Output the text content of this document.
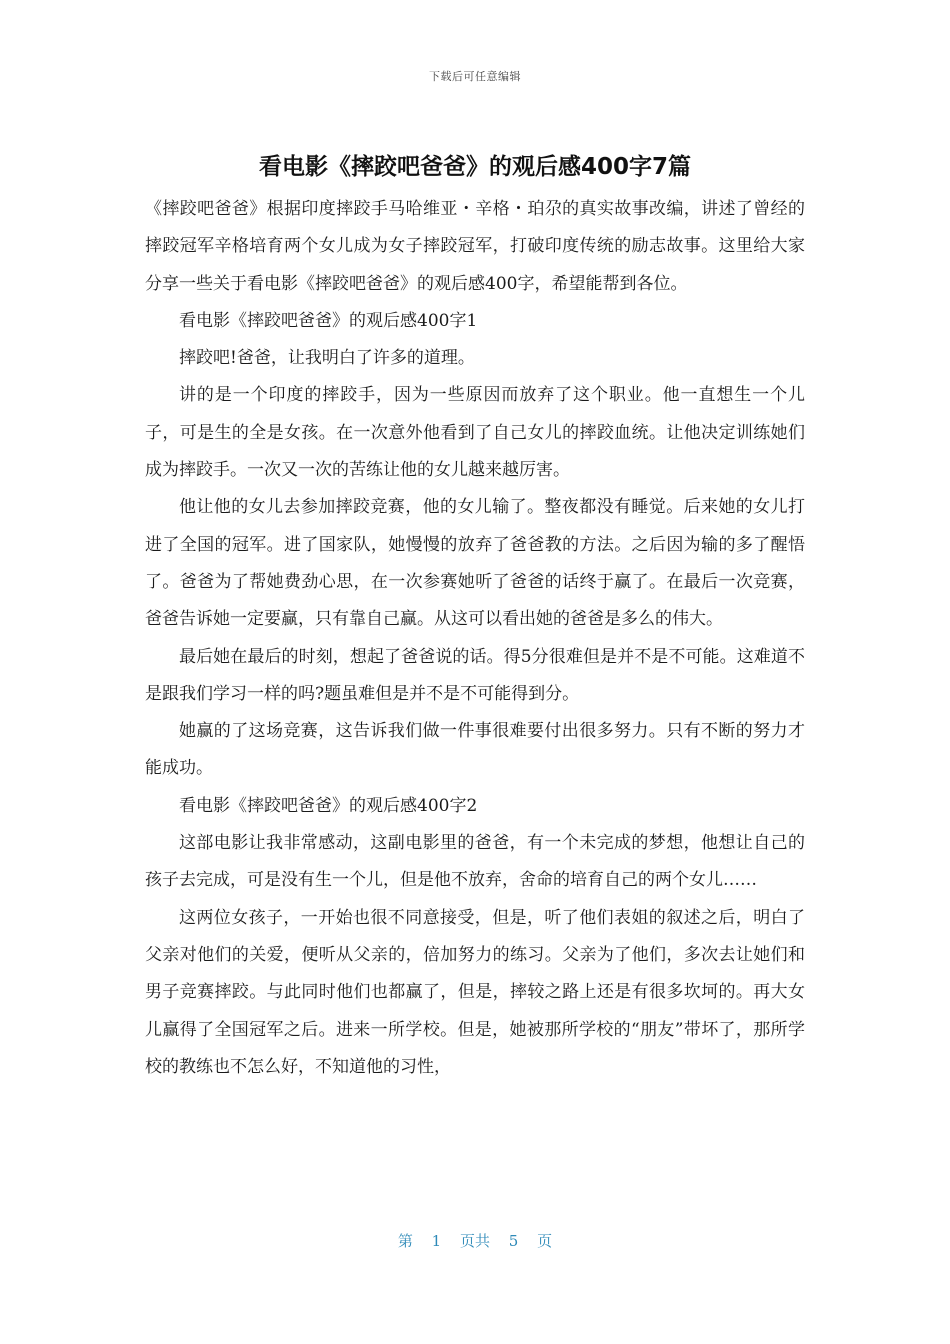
下载后可任意编辑
看电影《摔跤吧爸爸》的观后感400字7篇

《摔跤吧爸爸》根据印度摔跤手马哈维亚・辛格・珀尕的真实故事改编，讲述了曾经的摔跤冠军辛格培育两个女儿成为女子摔跤冠军，打破印度传统的励志故事。这里给大家分享一些关于看电影《摔跤吧爸爸》的观后感400字，希望能帮到各位。

看电影《摔跤吧爸爸》的观后感400字1

摔跤吧!爸爸，让我明白了许多的道理。

讲的是一个印度的摔跤手，因为一些原因而放弃了这个职业。他一直想生一个儿子，可是生的全是女孩。在一次意外他看到了自己女儿的摔跤血统。让他决定训练她们成为摔跤手。一次又一次的苦练让他的女儿越来越厉害。

他让他的女儿去参加摔跤竞赛，他的女儿输了。整夜都没有睡觉。后来她的女儿打进了全国的冠军。进了国家队，她慢慢的放弃了爸爸教的方法。之后因为输的多了醒悟了。爸爸为了帮她费劲心思，在一次参赛她听了爸爸的话终于赢了。在最后一次竞赛，爸爸告诉她一定要赢，只有靠自己赢。从这可以看出她的爸爸是多么的伟大。

最后她在最后的时刻，想起了爸爸说的话。得5分很难但是并不是不可能。这难道不是跟我们学习一样的吗?题虽难但是并不是不可能得到分。

她赢的了这场竞赛，这告诉我们做一件事很难要付出很多努力。只有不断的努力才能成功。

看电影《摔跤吧爸爸》的观后感400字2

这部电影让我非常感动，这副电影里的爸爸，有一个未完成的梦想，他想让自己的孩子去完成，可是没有生一个儿，但是他不放弃，舍命的培育自己的两个女儿……

这两位女孩子，一开始也很不同意接受，但是，听了他们表姐的叙述之后，明白了父亲对他们的关爱，便听从父亲的，倍加努力的练习。父亲为了他们，多次去让她们和男子竞赛摔跤。与此同时他们也都赢了，但是，摔较之路上还是有很多坎坷的。再大女儿赢得了全国冠军之后。进来一所学校。但是，她被那所学校的“朋友”带坏了，那所学校的教练也不怎么好，不知道他的习性，

第 1 页共 5 页
